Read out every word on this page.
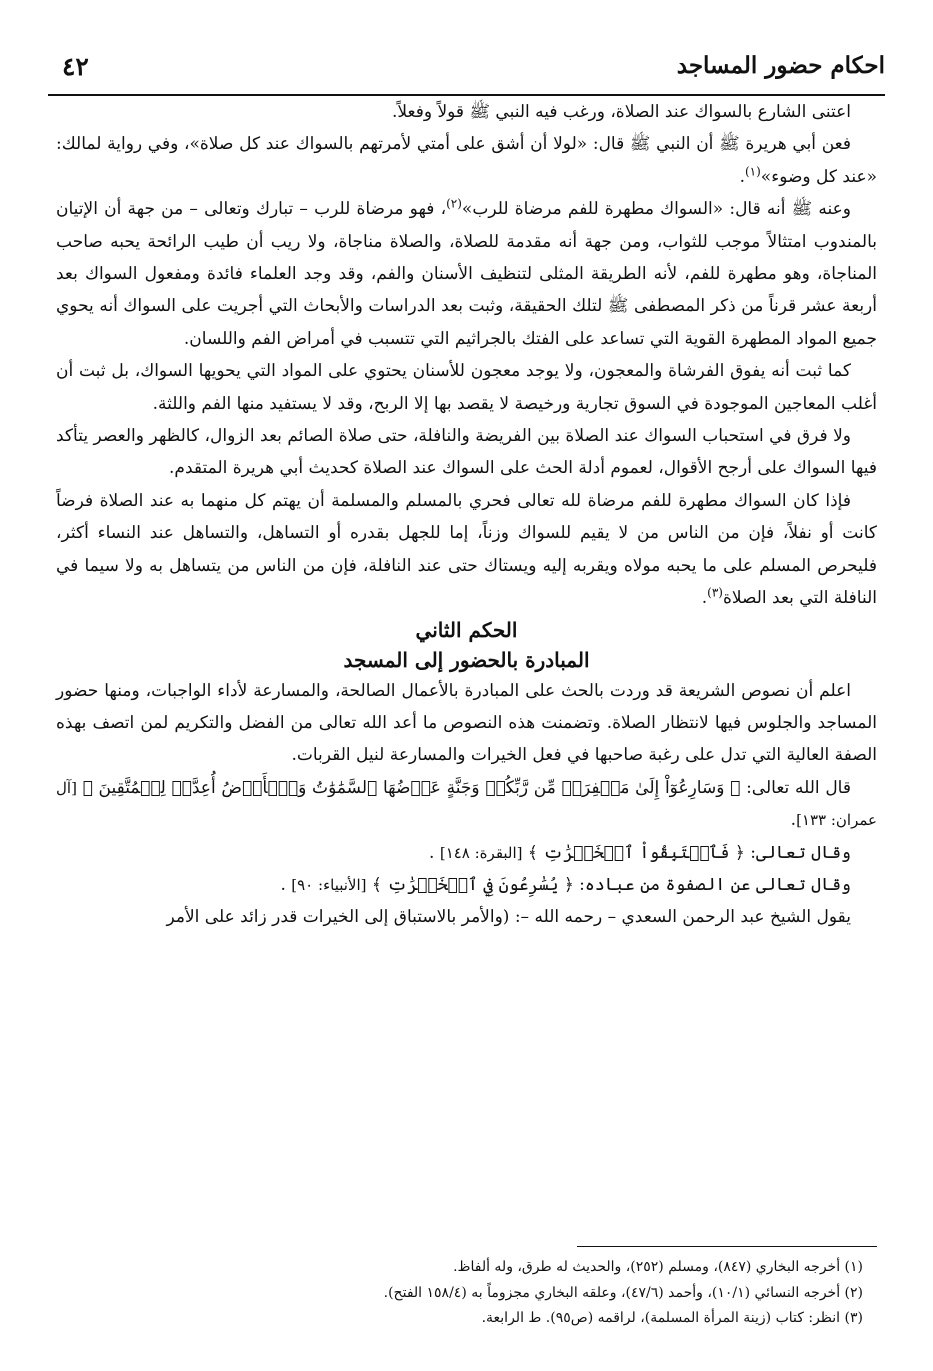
احكام حضور المساجد
٤٢

اعتنى الشارع بالسواك عند الصلاة، ورغب فيه النبي ﷺ قولاً وفعلاً.

فعن أبي هريرة ﷺ أن النبي ﷺ قال: «لولا أن أشق على أمتي لأمرتهم بالسواك عند كل صلاة»، وفي رواية لمالك: «عند كل وضوء»$^{(١)}$.

وعنه ﷺ أنه قال: «السواك مطهرة للفم مرضاة للرب»$^{(٢)}$، فهو مرضاة للرب – تبارك وتعالى – من جهة أن الإتيان بالمندوب امتثالاً موجب للثواب، ومن جهة أنه مقدمة للصلاة، والصلاة مناجاة، ولا ريب أن طيب الرائحة يحبه صاحب المناجاة، وهو مطهرة للفم، لأنه الطريقة المثلى لتنظيف الأسنان والفم، وقد وجد العلماء فائدة ومفعول السواك بعد أربعة عشر قرناً من ذكر المصطفى ﷺ لتلك الحقيقة، وثبت بعد الدراسات والأبحاث التي أجريت على السواك أنه يحوي جميع المواد المطهرة القوية التي تساعد على الفتك بالجراثيم التي تتسبب في أمراض الفم واللسان.

كما ثبت أنه يفوق الفرشاة والمعجون، ولا يوجد معجون للأسنان يحتوي على المواد التي يحويها السواك، بل ثبت أن أغلب المعاجين الموجودة في السوق تجارية ورخيصة لا يقصد بها إلا الربح، وقد لا يستفيد منها الفم واللثة.

ولا فرق في استحباب السواك عند الصلاة بين الفريضة والنافلة، حتى صلاة الصائم بعد الزوال، كالظهر والعصر يتأكد فيها السواك على أرجح الأقوال، لعموم أدلة الحث على السواك عند الصلاة كحديث أبي هريرة المتقدم.

فإذا كان السواك مطهرة للفم مرضاة لله تعالى فحري بالمسلم والمسلمة أن يهتم كل منهما به عند الصلاة فرضاً كانت أو نفلاً، فإن من الناس من لا يقيم للسواك وزناً، إما للجهل بقدره أو التساهل، والتساهل عند النساء أكثر، فليحرص المسلم على ما يحبه مولاه ويقربه إليه ويستاك حتى عند النافلة، فإن من الناس من يتساهل به ولا سيما في النافلة التي بعد الصلاة$^{(٣)}$.

الحكم الثاني

المبادرة بالحضور إلى المسجد

اعلم أن نصوص الشريعة قد وردت بالحث على المبادرة بالأعمال الصالحة، والمسارعة لأداء الواجبات، ومنها حضور المساجد والجلوس فيها لانتظار الصلاة. وتضمنت هذه النصوص ما أعد الله تعالى من الفضل والتكريم لمن اتصف بهذه الصفة العالية التي تدل على رغبة صاحبها في فعل الخيرات والمسارعة لنيل القربات.

قال الله تعالى: ﴿ وَسَارِعُوٓاْ إِلَىٰ مَغۡفِرَةٖ مِّن رَّبِّكُمۡ وَجَنَّةٍ عَرۡضُهَا ٱلسَّمَٰوَٰتُ وَٱلۡأَرۡضُ أُعِدَّتۡ لِلۡمُتَّقِينَ ﴾ [آل عمران: ١٣٣].

وقال تعالى: ﴿ فَٱسۡتَبِقُواْ ٱلۡخَيۡرَٰتِ ﴾ [البقرة: ١٤٨] .

وقال تعالى عن الصفوة من عباده: ﴿ يُسَٰرِعُونَ فِي ٱلۡخَيۡرَٰتِ ﴾ [الأنبياء: ٩٠] .

يقول الشيخ عبد الرحمن السعدي – رحمه الله –: (والأمر بالاستباق إلى الخيرات قدر زائد على الأمر

(١) أخرجه البخاري (٨٤٧)، ومسلم (٢٥٢)، والحديث له طرق، وله ألفاظ.

(٢) أخرجه النسائي (١٠/١)، وأحمد (٤٧/٦)، وعلقه البخاري مجزوماً به (١٥٨/٤ الفتح).

(٣) انظر: كتاب (زينة المرأة المسلمة)، لراقمه (ص٩٥). ط الرابعة.
